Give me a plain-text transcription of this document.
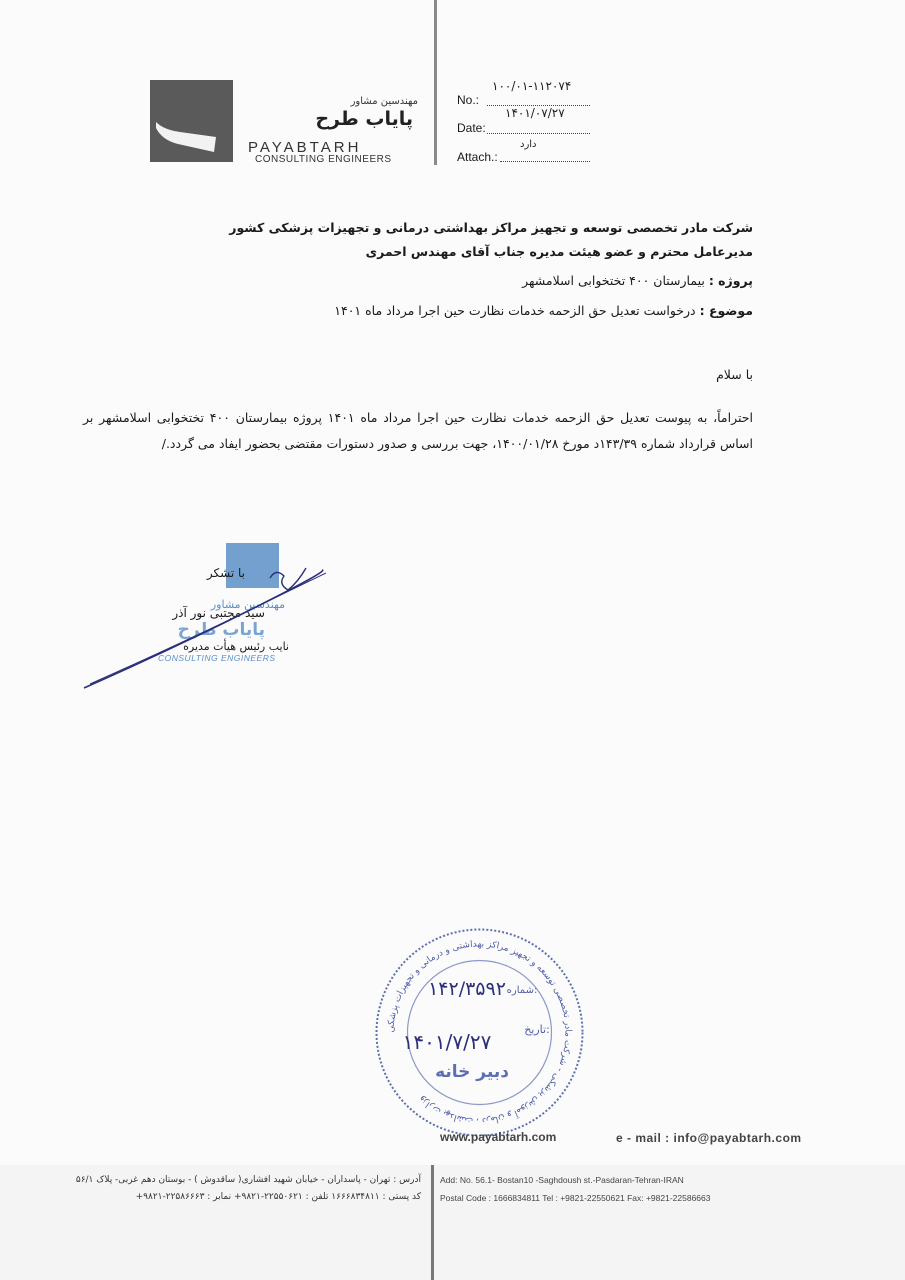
مهندسین مشاور
پایاب طرح
PAYABTARH
CONSULTING ENGINEERS
No.:
۱۰۰/۰۱-۱۱۲۰۷۴
Date:
۱۴۰۱/۰۷/۲۷
Attach.:
دارد
شرکت مادر تخصصی توسعه و تجهیز مراکز بهداشتی درمانی و تجهیزات پزشکی کشور
مدیرعامل محترم و عضو هیئت مدیره جناب آقای مهندس احمری
پروژه : بیمارستان ۴۰۰ تختخوابی اسلامشهر
موضوع : درخواست تعدیل حق الزحمه خدمات نظارت حین اجرا مرداد ماه ۱۴۰۱
با سلام
احتراماً، به پیوست تعدیل حق الزحمه خدمات نظارت حین اجرا مرداد ماه ۱۴۰۱ پروژه بیمارستان ۴۰۰ تختخوابی اسلامشهر بر اساس قرارداد شماره ۱۴۳/۳۹د مورخ ۱۴۰۰/۰۱/۲۸، جهت بررسی و صدور دستورات مقتضی بحضور ایفاد می گردد./
با تشکر
مهندسین مشاور
سید مجتبی نور آذر
پایاب طرح
نایب رئیس هیأت مدیره
CONSULTING ENGINEERS
وزارت بهداشت ، درمان و آموزش پزشکی - شرکت مادر تخصصی توسعه و تجهیز مراکز بهداشتی و درمانی و تجهیزات پزشکی
شماره:
۱۴۲/۳۵۹۲
تاریخ:
۱۴۰۱/۷/۲۷
دبیر خانه
www.payabtarh.com	e - mail : info@payabtarh.com
آدرس : تهران - پاسداران - خیابان شهید افشاری( ساقدوش ) - بوستان دهم غربی- پلاک ۵۶/۱
کد پستی : ۱۶۶۶۸۳۴۸۱۱ تلفن : ۲۲۵۵۰۶۲۱-۹۸۲۱+ نمابر : ۲۲۵۸۶۶۶۳-۹۸۲۱+
Add: No. 56.1- Bostan10 -Saghdoush st.-Pasdaran-Tehran-IRAN
Postal Code : 1666834811 Tel : +9821-22550621 Fax: +9821-22586663
